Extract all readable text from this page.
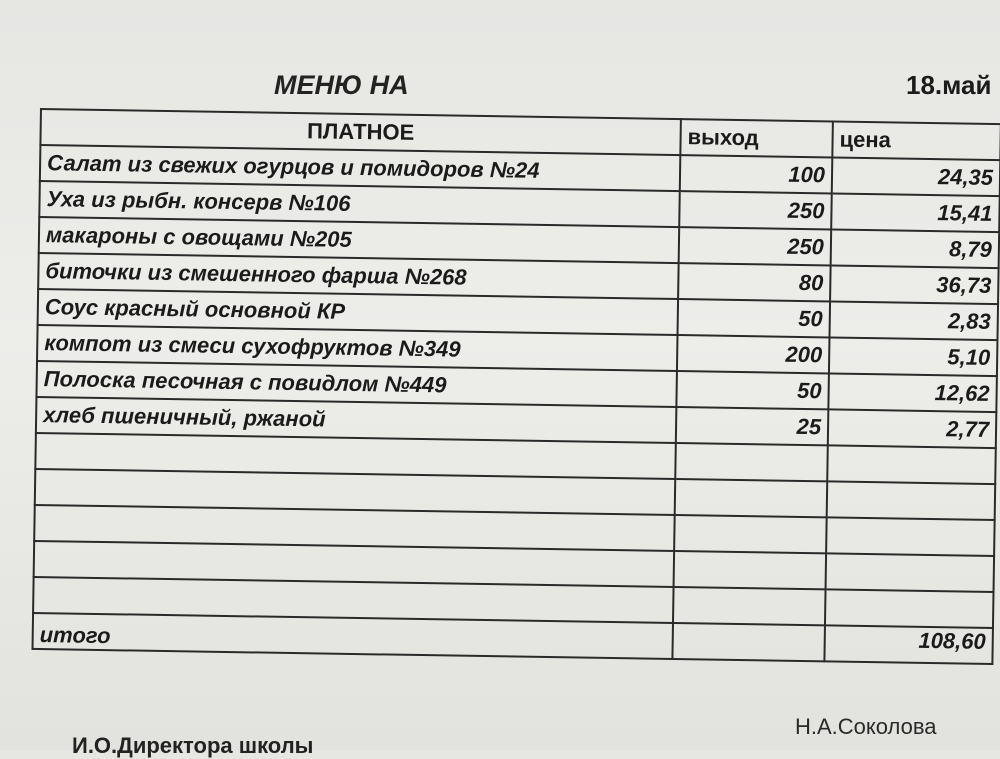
МЕНЮ НА	18.май
ПЛАТНОЕ	выход	цена
Салат из свежих огурцов и помидоров №24	100	24,35
Уха из рыбн. консерв №106	250	15,41
макароны с овощами №205	250	8,79
биточки из смешенного фарша №268	80	36,73
Соус красный основной КР	50	2,83
компот из смеси сухофруктов №349	200	5,10
Полоска песочная с повидлом №449	50	12,62
хлеб пшеничный, ржаной	25	2,77

итого		108,60
Н.А.Соколова
И.О.Директора школы
